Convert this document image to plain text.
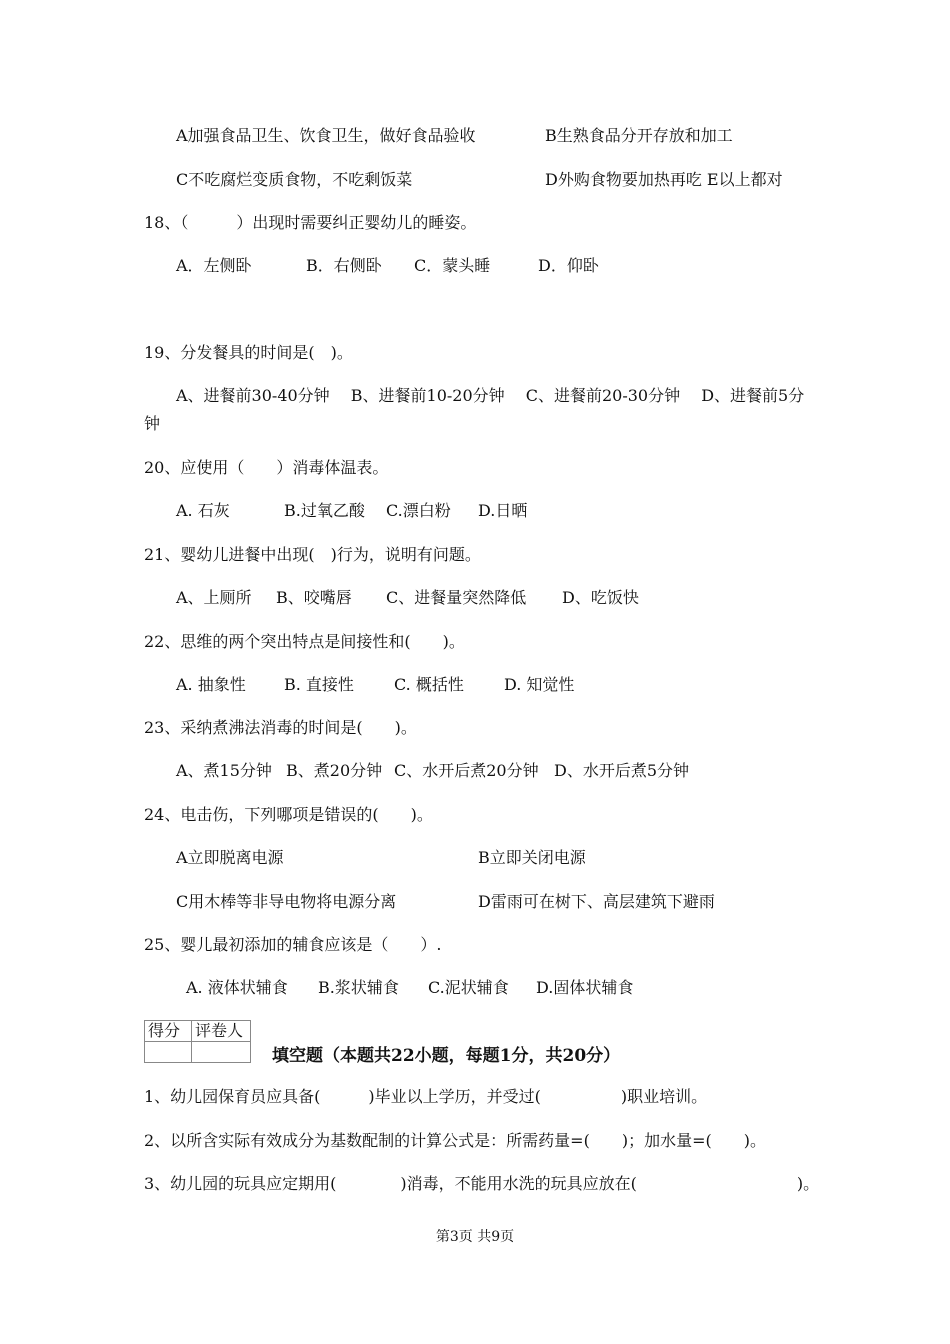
A加强食品卫生、饮食卫生，做好食品验收	B生熟食品分开存放和加工
C不吃腐烂变质食物，不吃剩饭菜	D外购食物要加热再吃 E以上都对
18、（　　　）出现时需要纠正婴幼儿的睡姿。
A．左侧卧	B．右侧卧 C．蒙头睡	D．仰卧
19、分发餐具的时间是(　)。
A、进餐前30-40分钟　 B、进餐前10-20分钟　 C、进餐前20-30分钟　 D、进餐前5分
钟
20、应使用（　　）消毒体温表。
A. 石灰	B.过氧乙酸 C.漂白粉 D.日晒
21、婴幼儿进餐中出现(　)行为，说明有问题。
A、上厕所 B、咬嘴唇 C、进餐量突然降低 D、吃饭快
22、思维的两个突出特点是间接性和(　　)。
A. 抽象性 B. 直接性	C. 概括性	D. 知觉性
23、采纳煮沸法消毒的时间是(　　)。
A、煮15分钟 B、煮20分钟 C、水开后煮20分钟 D、水开后煮5分钟
24、电击伤，下列哪项是错误的(　　)。
A立即脱离电源	B立即关闭电源
C用木棒等非导电物将电源分离	D雷雨可在树下、高层建筑下避雨
25、婴儿最初添加的辅食应该是（　　）.
A. 液体状辅食 B.浆状辅食 C.泥状辅食 D.固体状辅食
得分	评卷人

填空题（本题共22小题，每题1分，共20分）
1、幼儿园保育员应具备(　　　)毕业以上学历，并受过(　　　　　)职业培训。
2、以所含实际有效成分为基数配制的计算公式是：所需药量=(　　)；加水量=(　　)。
3、幼儿园的玩具应定期用(　　　　)消毒，不能用水洗的玩具应放在(　　　　　　　　　　)。
第3页 共9页
